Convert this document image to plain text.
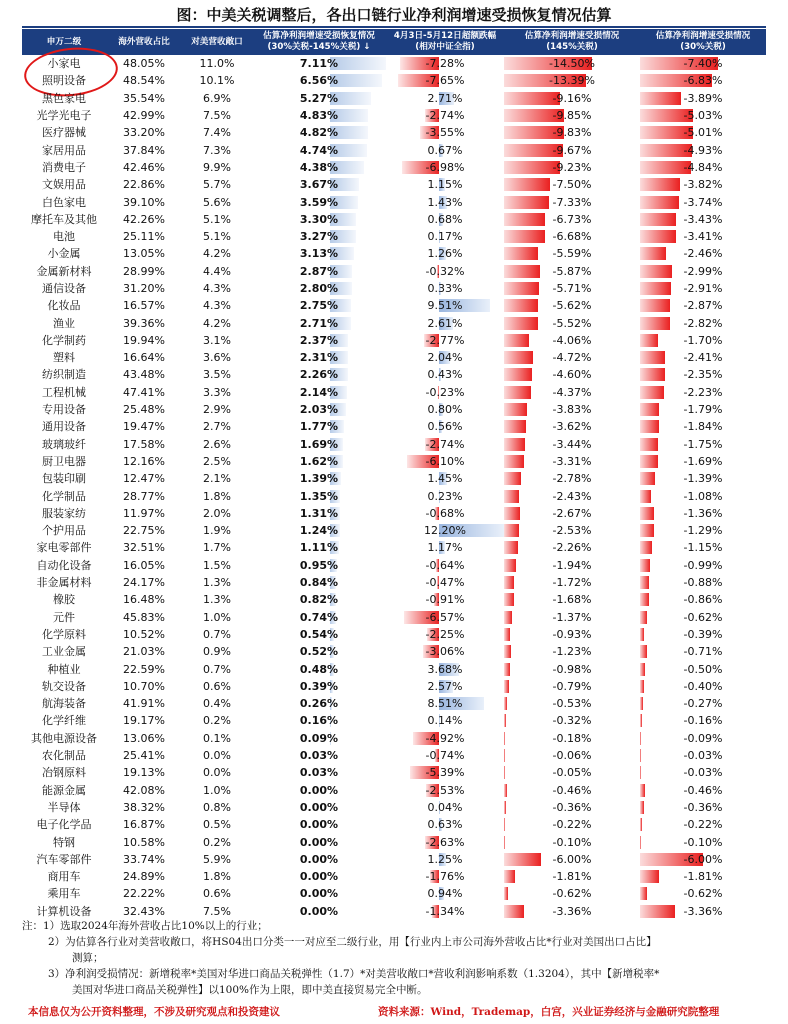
图：中美关税调整后，各出口链行业净利润增速受损恢复情况估算
申万二级	海外营收占比	对美营收敞口	估算净利润增速受损恢复情况
(30%关税-145%关税) ↓	4月3日-5月12日超额跌幅
(相对中证全指)	估算净利润增速受损情况
(145%关税)	估算净利润增速受损情况
(30%关税)

小家电	48.05%	11.0%	7.11%	-7.28%	-14.50%	-7.40%

照明设备	48.54%	10.1%	6.56%	-7.65%	-13.39%	-6.83%

黑色家电	35.54%	6.9%	5.27%	2.71%	-9.16%	-3.89%

光学光电子	42.99%	7.5%	4.83%	-2.74%	-9.85%	-5.03%

医疗器械	33.20%	7.4%	4.82%	-3.55%	-9.83%	-5.01%

家居用品	37.84%	7.3%	4.74%	0.67%	-9.67%	-4.93%

消费电子	42.46%	9.9%	4.38%	-6.98%	-9.23%	-4.84%

文娱用品	22.86%	5.7%	3.67%	1.15%	-7.50%	-3.82%

白色家电	39.10%	5.6%	3.59%	1.43%	-7.33%	-3.74%

摩托车及其他	42.26%	5.1%	3.30%	0.68%	-6.73%	-3.43%

电池	25.11%	5.1%	3.27%	0.17%	-6.68%	-3.41%

小金属	13.05%	4.2%	3.13%	1.26%	-5.59%	-2.46%

金属新材料	28.99%	4.4%	2.87%	-0.32%	-5.87%	-2.99%

通信设备	31.20%	4.3%	2.80%	0.33%	-5.71%	-2.91%

化妆品	16.57%	4.3%	2.75%	9.51%	-5.62%	-2.87%

渔业	39.36%	4.2%	2.71%	2.61%	-5.52%	-2.82%

化学制药	19.94%	3.1%	2.37%	-2.77%	-4.06%	-1.70%

塑料	16.64%	3.6%	2.31%	2.04%	-4.72%	-2.41%

纺织制造	43.48%	3.5%	2.26%	0.43%	-4.60%	-2.35%

工程机械	47.41%	3.3%	2.14%	-0.23%	-4.37%	-2.23%

专用设备	25.48%	2.9%	2.03%	0.80%	-3.83%	-1.79%

通用设备	19.47%	2.7%	1.77%	0.56%	-3.62%	-1.84%

玻璃玻纤	17.58%	2.6%	1.69%	-2.74%	-3.44%	-1.75%

厨卫电器	12.16%	2.5%	1.62%	-6.10%	-3.31%	-1.69%

包装印刷	12.47%	2.1%	1.39%	1.45%	-2.78%	-1.39%

化学制品	28.77%	1.8%	1.35%	0.23%	-2.43%	-1.08%

服装家纺	11.97%	2.0%	1.31%	-0.68%	-2.67%	-1.36%

个护用品	22.75%	1.9%	1.24%	12.20%	-2.53%	-1.29%

家电零部件	32.51%	1.7%	1.11%	1.17%	-2.26%	-1.15%

自动化设备	16.05%	1.5%	0.95%	-0.64%	-1.94%	-0.99%

非金属材料	24.17%	1.3%	0.84%	-0.47%	-1.72%	-0.88%

橡胶	16.48%	1.3%	0.82%	-0.91%	-1.68%	-0.86%

元件	45.83%	1.0%	0.74%	-6.57%	-1.37%	-0.62%

化学原料	10.52%	0.7%	0.54%	-2.25%	-0.93%	-0.39%

工业金属	21.03%	0.9%	0.52%	-3.06%	-1.23%	-0.71%

种植业	22.59%	0.7%	0.48%	3.68%	-0.98%	-0.50%

轨交设备	10.70%	0.6%	0.39%	2.57%	-0.79%	-0.40%

航海装备	41.91%	0.4%	0.26%	8.51%	-0.53%	-0.27%

化学纤维	19.17%	0.2%	0.16%	0.14%	-0.32%	-0.16%

其他电源设备	13.06%	0.1%	0.09%	-4.92%	-0.18%	-0.09%

农化制品	25.41%	0.0%	0.03%	-0.74%	-0.06%	-0.03%

冶钢原料	19.13%	0.0%	0.03%	-5.39%	-0.05%	-0.03%

能源金属	42.08%	1.0%	0.00%	-2.53%	-0.46%	-0.46%

半导体	38.32%	0.8%	0.00%	0.04%	-0.36%	-0.36%

电子化学品	16.87%	0.5%	0.00%	0.63%	-0.22%	-0.22%

特钢	10.58%	0.2%	0.00%	-2.63%	-0.10%	-0.10%

汽车零部件	33.74%	5.9%	0.00%	1.25%	-6.00%	-6.00%

商用车	24.89%	1.8%	0.00%	-1.76%	-1.81%	-1.81%

乘用车	22.22%	0.6%	0.00%	0.94%	-0.62%	-0.62%

计算机设备	32.43%	7.5%	0.00%	-1.34%	-3.36%	-3.36%

注：1）选取2024年海外营收占比10%以上的行业；

2）为估算各行业对美营收敞口，将HS04出口分类一一对应至二级行业，用【行业内上市公司海外营收占比*行业对美国出口占比】

测算；

3）净利润受损情况：新增税率*美国对华进口商品关税弹性（1.7）*对美营收敞口*营收利润影响系数（1.3204），其中【新增税率*

美国对华进口商品关税弹性】以100%作为上限，即中美直接贸易完全中断。

本信息仅为公开资料整理，不涉及研究观点和投资建议	资料来源：Wind，Trademap，白宫，兴业证券经济与金融研究院整理
